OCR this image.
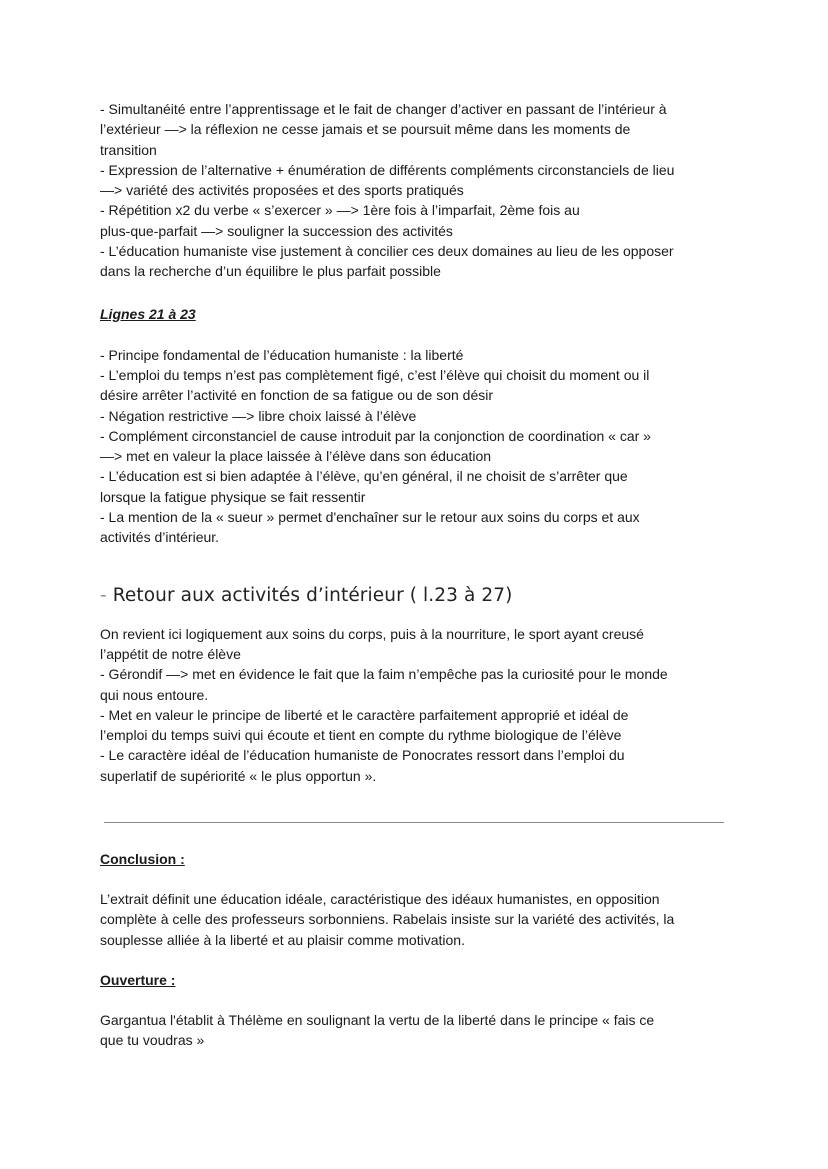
- Simultanéité entre l’apprentissage et le fait de changer d’activer en passant de l’intérieur à

l’extérieur —> la réflexion ne cesse jamais et se poursuit même dans les moments de

transition

- Expression de l’alternative + énumération de différents compléments circonstanciels de lieu

—> variété des activités proposées et des sports pratiqués

- Répétition x2 du verbe « s’exercer » —> 1ère fois à l’imparfait, 2ème fois au

plus-que-parfait —> souligner la succession des activités

- L’éducation humaniste vise justement à concilier ces deux domaines au lieu de les opposer

dans la recherche d’un équilibre le plus parfait possible

Lignes 21 à 23

- Principe fondamental de l’éducation humaniste : la liberté

- L’emploi du temps n’est pas complètement figé, c’est l’élève qui choisit du moment ou il

désire arrêter l’activité en fonction de sa fatigue ou de son désir

- Négation restrictive —> libre choix laissé à l’élève

- Complément circonstanciel de cause introduit par la conjonction de coordination « car »

—> met en valeur la place laissée à l’élève dans son éducation

- L’éducation est si bien adaptée à l’élève, qu’en général, il ne choisit de s’arrêter que

lorsque la fatigue physique se fait ressentir

- La mention de la « sueur » permet d'enchaîner sur le retour aux soins du corps et aux

activités d’intérieur.

- Retour aux activités d’intérieur ( l.23 à 27)

On revient ici logiquement aux soins du corps, puis à la nourriture, le sport ayant creusé

l’appétit de notre élève

- Gérondif —> met en évidence le fait que la faim n’empêche pas la curiosité pour le monde

qui nous entoure.

- Met en valeur le principe de liberté et le caractère parfaitement approprié et idéal de

l’emploi du temps suivi qui écoute et tient en compte du rythme biologique de l’élève

- Le caractère idéal de l’éducation humaniste de Ponocrates ressort dans l’emploi du

superlatif de supériorité « le plus opportun ».

Conclusion :

L’extrait définit une éducation idéale, caractéristique des idéaux humanistes, en opposition

complète à celle des professeurs sorbonniens. Rabelais insiste sur la variété des activités, la

souplesse alliée à la liberté et au plaisir comme motivation.

Ouverture :

Gargantua l'établit à Thélème en soulignant la vertu de la liberté dans le principe « fais ce

que tu voudras »
